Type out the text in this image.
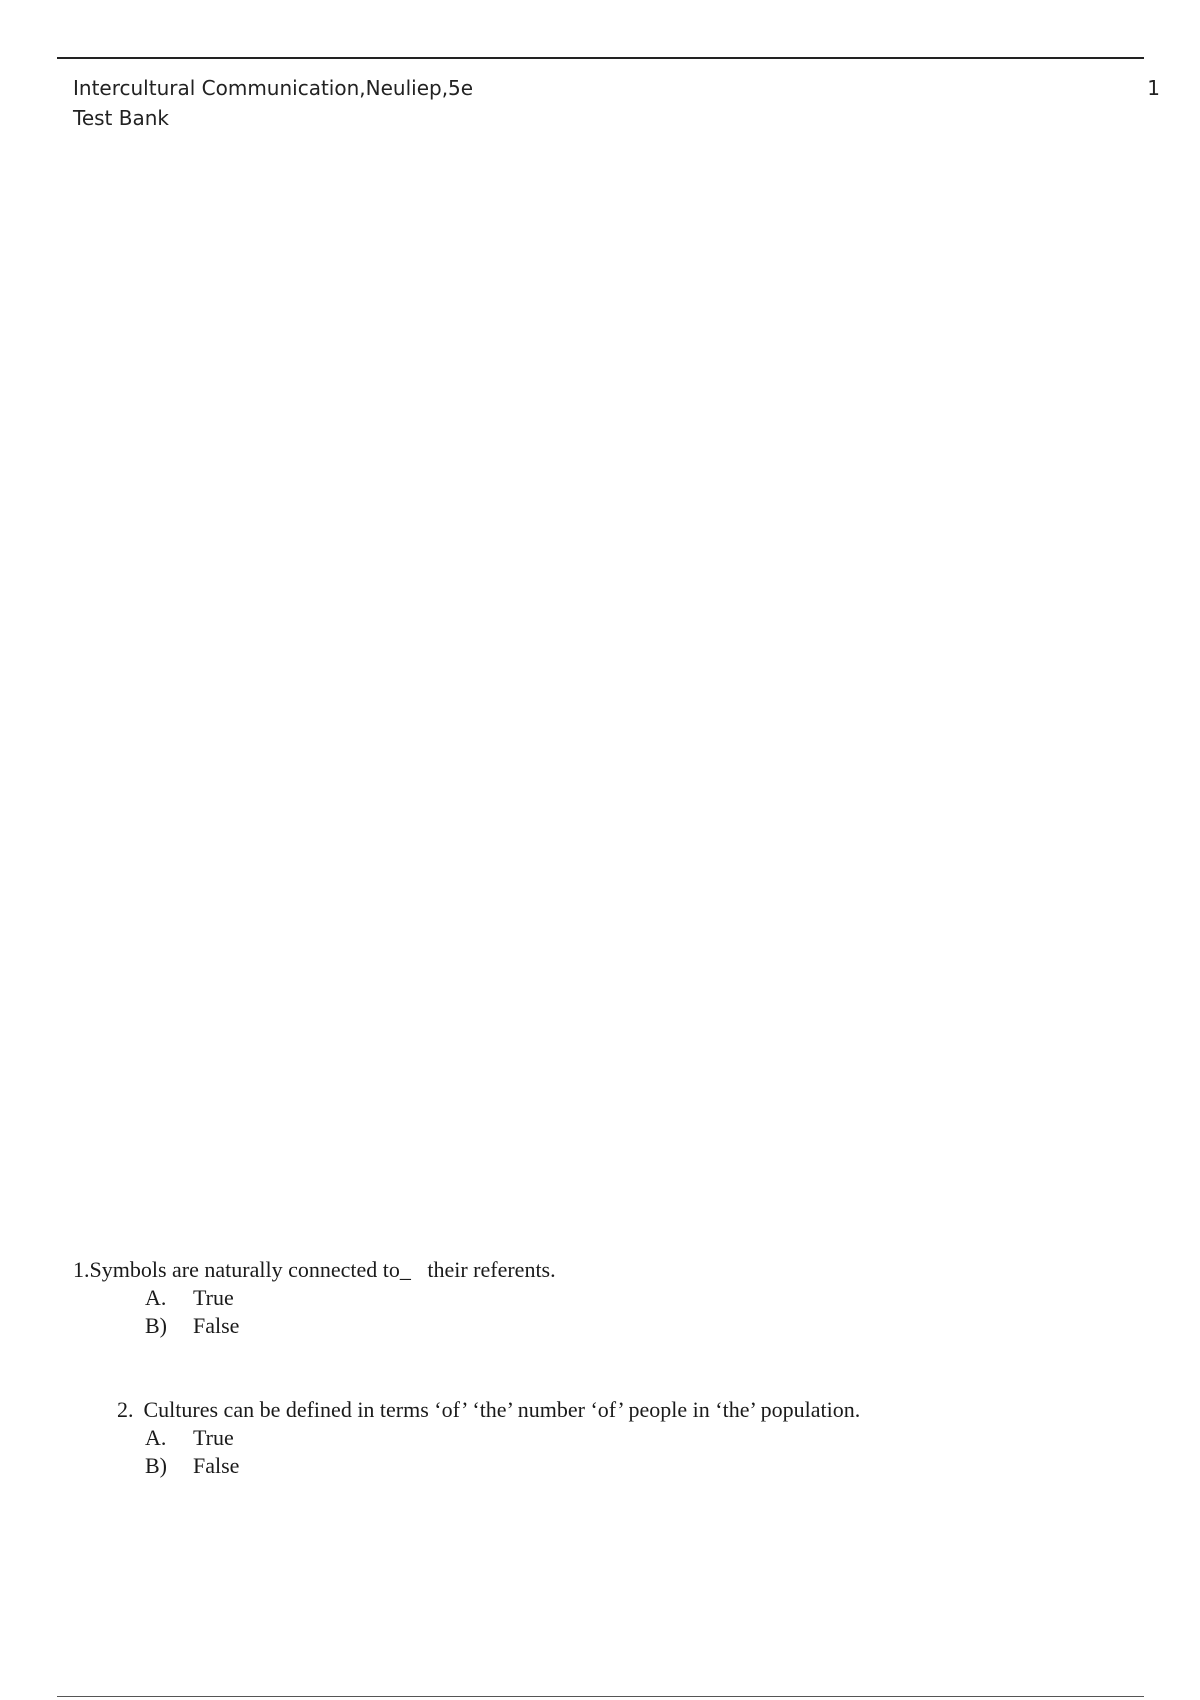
Intercultural Communication,Neuliep,5e
Test Bank
1
1.Symbols are naturally connected to_   their referents.
A.	True
B)	False
2. Cultures can be defined in terms ‘of’ ‘the’ number ‘of’ people in ‘the’ population.
A.	True
B)	False
